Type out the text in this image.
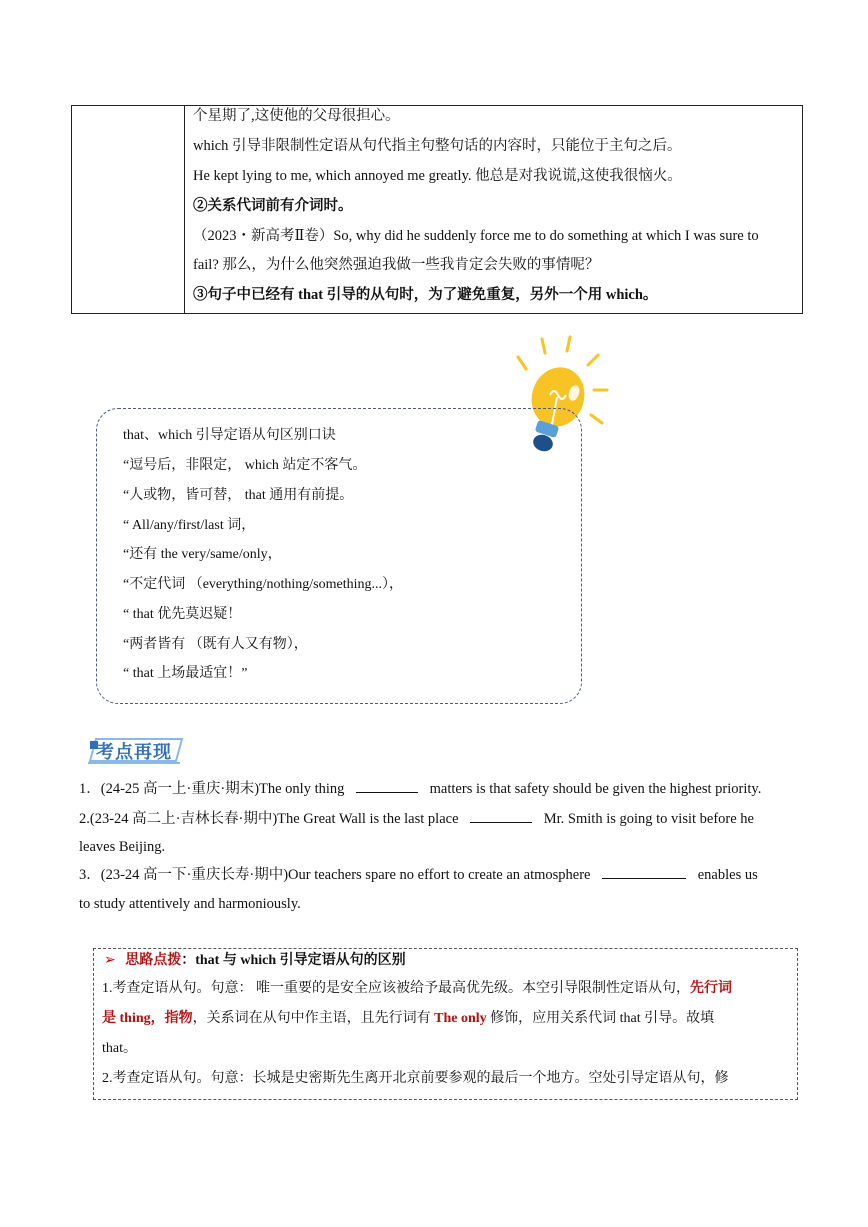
个星期了,这使他的父母很担心。
which 引导非限制性定语从句代指主句整句话的内容时，只能位于主句之后。
He kept lying to me, which annoyed me greatly. 他总是对我说谎,这使我很恼火。
②关系代词前有介词时。
（2023・新高考Ⅱ卷）So, why did he suddenly force me to do something at which I was sure to
fail? 那么，为什么他突然强迫我做一些我肯定会失败的事情呢？
③句子中已经有 that 引导的从句时，为了避免重复，另外一个用 which。
that、which 引导定语从句区别口诀
“逗号后，非限定， which 站定不客气。
“人或物，皆可替， that 通用有前提。
“ All/any/first/last 词，
“还有 the very/same/only，
“不定代词 （everything/nothing/something...），
“ that 优先莫迟疑！
“两者皆有 （既有人又有物），
“ that 上场最适宜！”
考点再现
1．(24-25 高一上·重庆·期末)The only thing	matters is that safety should be given the highest priority.
2.(23-24 高二上·吉林长春·期中)The Great Wall is the last place	Mr. Smith is going to visit before he
leaves Beijing.
3．(23-24 高一下·重庆长寿·期中)Our teachers spare no effort to create an atmosphere	enables us
to study attentively and harmoniously.
➢ 思路点拨：that 与 which 引导定语从句的区别
1.考查定语从句。句意： 唯一重要的是安全应该被给予最高优先级。本空引导限制性定语从句，先行词
是 thing，指物，关系词在从句中作主语，且先行词有 The only 修饰，应用关系代词 that 引导。故填
that。
2.考查定语从句。句意：长城是史密斯先生离开北京前要参观的最后一个地方。空处引导定语从句，修
